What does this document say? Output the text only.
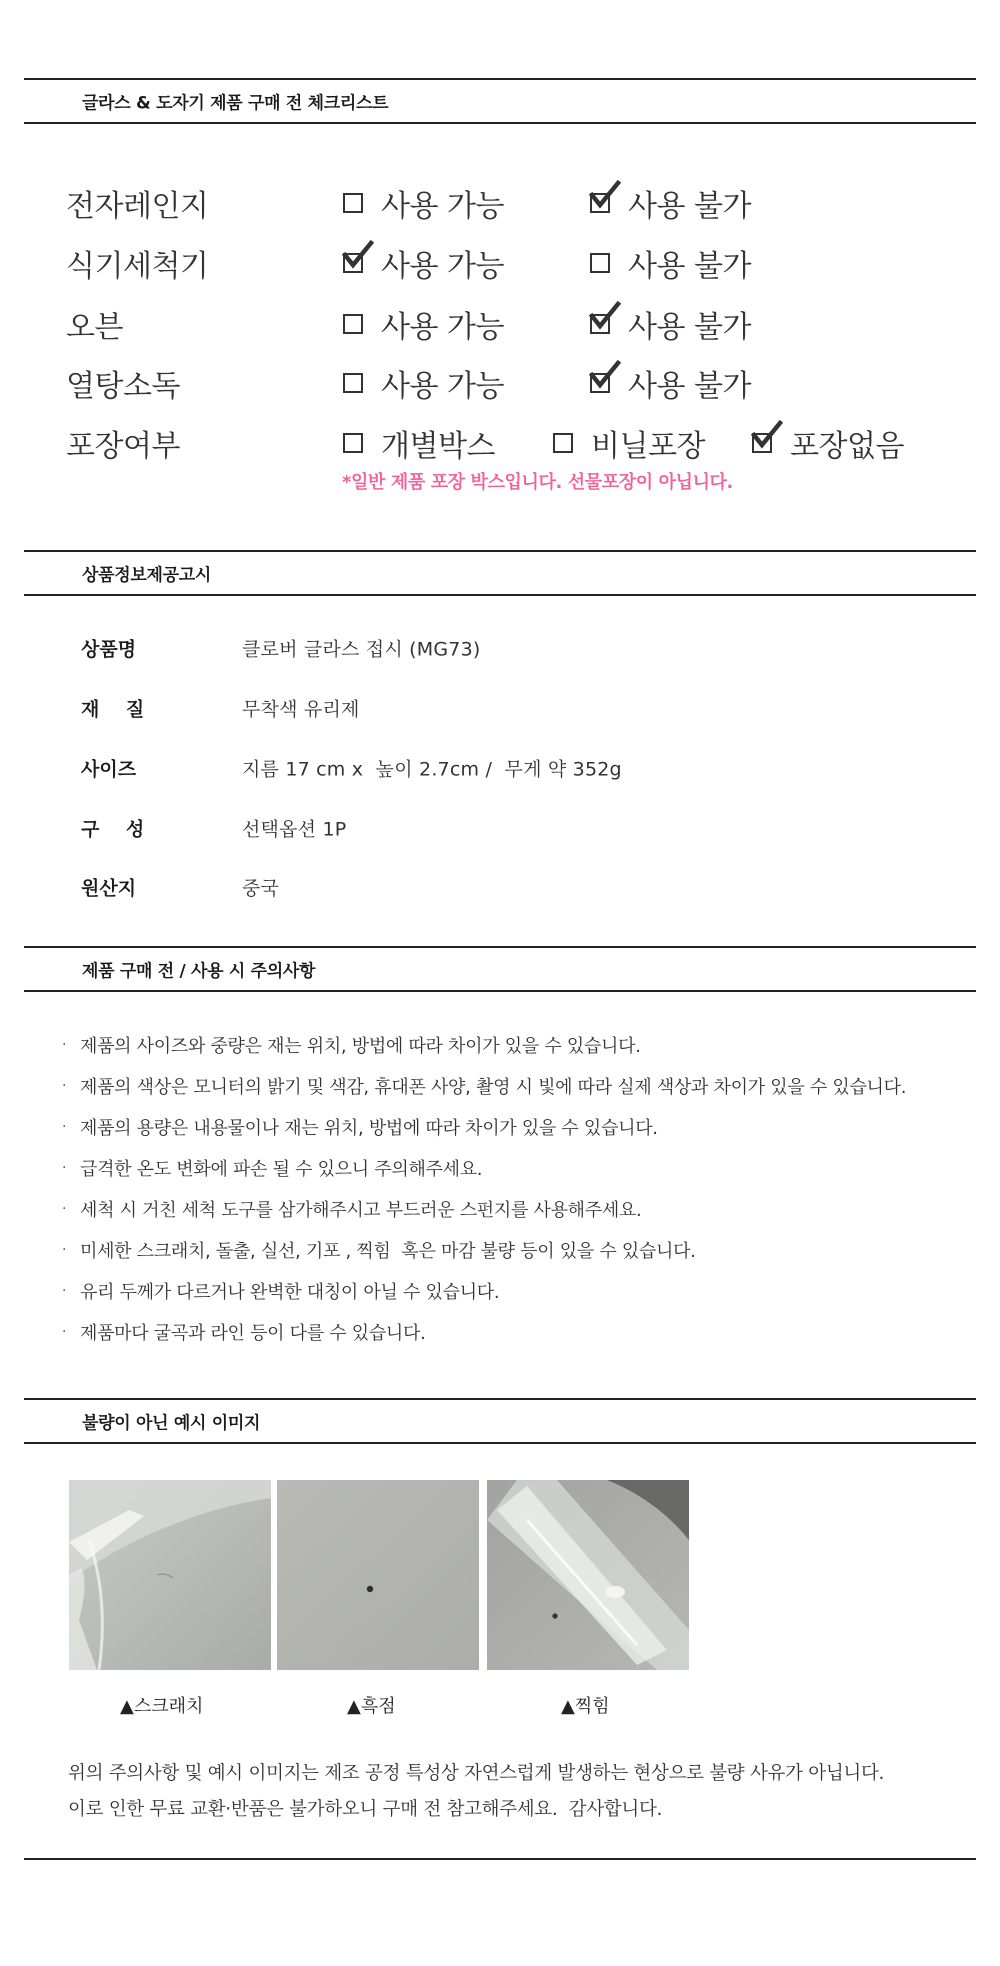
글라스 & 도자기 제품 구매 전 체크리스트
전자레인지	사용 가능	사용 불가
식기세척기	사용 가능	사용 불가
오븐	사용 가능	사용 불가
열탕소독	사용 가능	사용 불가
포장여부	개별박스	비닐포장	포장없음
*일반 제품 포장 박스입니다. 선물포장이 아닙니다.
상품정보제공고시
상품명	클로버 글라스 접시 (MG73)
재    질	무착색 유리제
사이즈	지름 17 cm x  높이 2.7cm /  무게 약 352g
구    성	선택옵션 1P
원산지	중국
제품 구매 전 / 사용 시 주의사항
· 제품의 사이즈와 중량은 재는 위치, 방법에 따라 차이가 있을 수 있습니다.
· 제품의 색상은 모니터의 밝기 및 색감, 휴대폰 사양, 촬영 시 빛에 따라 실제 색상과 차이가 있을 수 있습니다.
· 제품의 용량은 내용물이나 재는 위치, 방법에 따라 차이가 있을 수 있습니다.
· 급격한 온도 변화에 파손 될 수 있으니 주의해주세요.
· 세척 시 거친 세척 도구를 삼가해주시고 부드러운 스펀지를 사용해주세요.
· 미세한 스크래치, 돌출, 실선, 기포 , 찍힘  혹은 마감 불량 등이 있을 수 있습니다.
· 유리 두께가 다르거나 완벽한 대칭이 아닐 수 있습니다.
· 제품마다 굴곡과 라인 등이 다를 수 있습니다.
불량이 아닌 예시 이미지
▲스크래치	▲흑점	▲찍힘
위의 주의사항 및 예시 이미지는 제조 공정 특성상 자연스럽게 발생하는 현상으로 불량 사유가 아닙니다.
이로 인한 무료 교환·반품은 불가하오니 구매 전 참고해주세요.  감사합니다.
